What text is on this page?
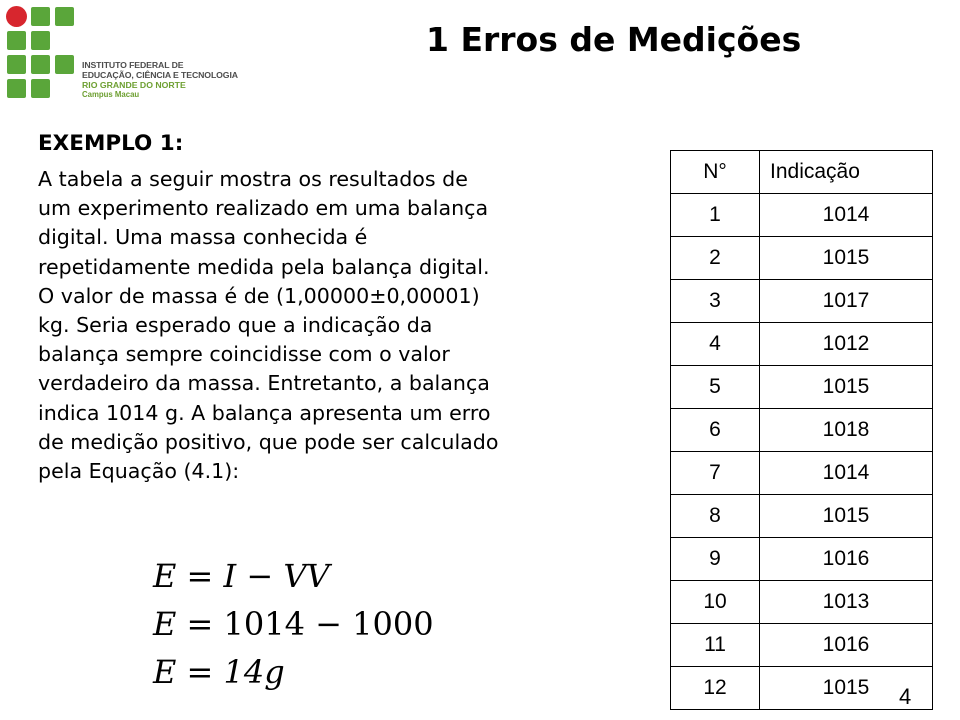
INSTITUTO FEDERAL DE
EDUCAÇÃO, CIÊNCIA E TECNOLOGIA
RIO GRANDE DO NORTE
Campus Macau
1 Erros de Medições
EXEMPLO 1:
A tabela a seguir mostra os resultados de
um experimento realizado em uma balança
digital. Uma massa conhecida é
repetidamente medida pela balança digital.
O valor de massa é de (1,00000±0,00001)
kg. Seria esperado que a indicação da
balança sempre coincidisse com o valor
verdadeiro da massa. Entretanto, a balança
indica 1014 g. A balança apresenta um erro
de medição positivo, que pode ser calculado
pela Equação (4.1):
E = I − VV
E = 1014 − 1000
E = 14g
N°	Indicação
1	1014
2	1015
3	1017
4	1012
5	1015
6	1018
7	1014
8	1015
9	1016
10	1013
11	1016
12	1015 4
